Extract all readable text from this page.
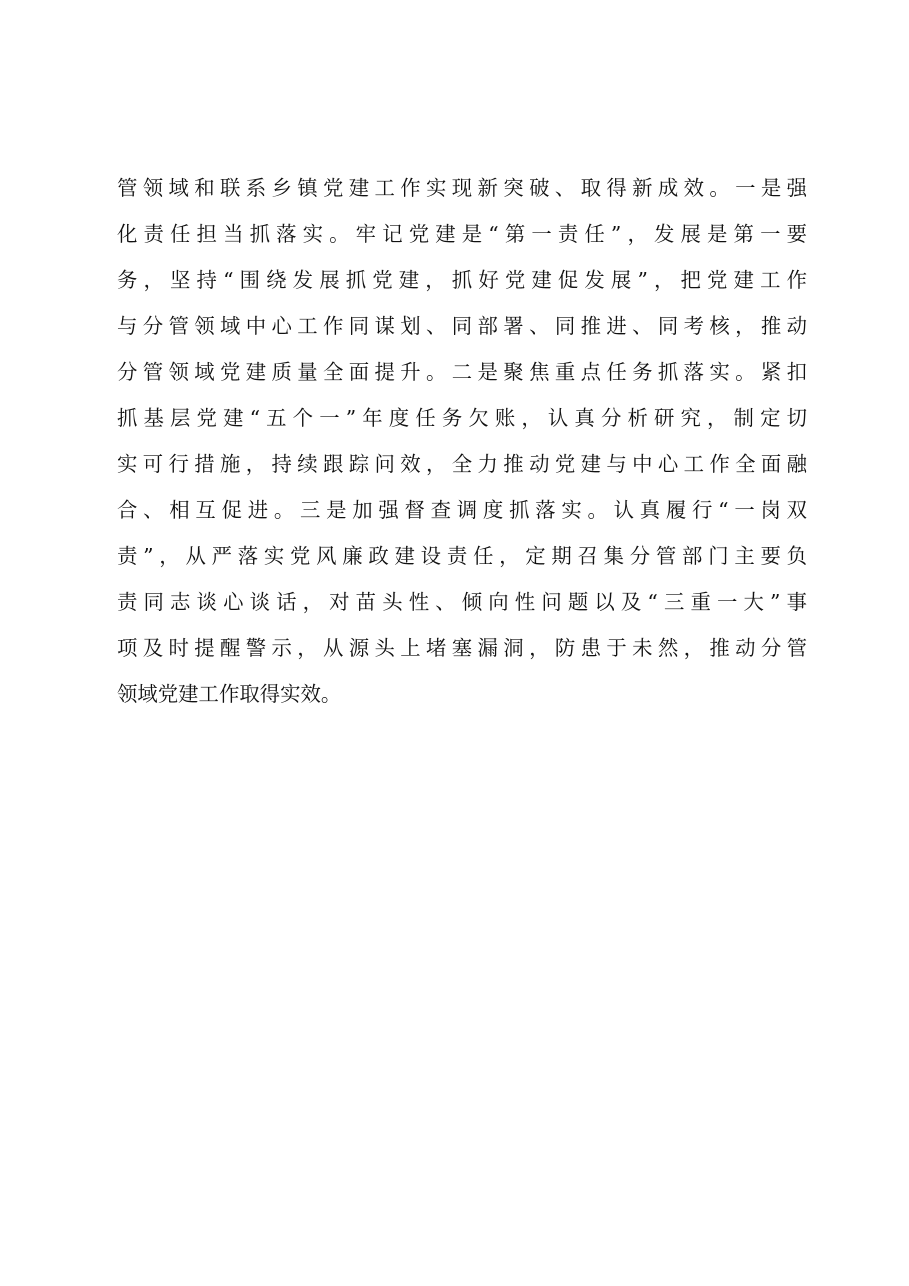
管领域和联系乡镇党建工作实现新突破、取得新成效。一是强
化责任担当抓落实。牢记党建是“第一责任”，发展是第一要
务，坚持“围绕发展抓党建，抓好党建促发展”，把党建工作
与分管领域中心工作同谋划、同部署、同推进、同考核，推动
分管领域党建质量全面提升。二是聚焦重点任务抓落实。紧扣
抓基层党建“五个一”年度任务欠账，认真分析研究，制定切
实可行措施，持续跟踪问效，全力推动党建与中心工作全面融
合、相互促进。三是加强督查调度抓落实。认真履行“一岗双
责”，从严落实党风廉政建设责任，定期召集分管部门主要负
责同志谈心谈话，对苗头性、倾向性问题以及“三重一大”事
项及时提醒警示，从源头上堵塞漏洞，防患于未然，推动分管
领域党建工作取得实效。
